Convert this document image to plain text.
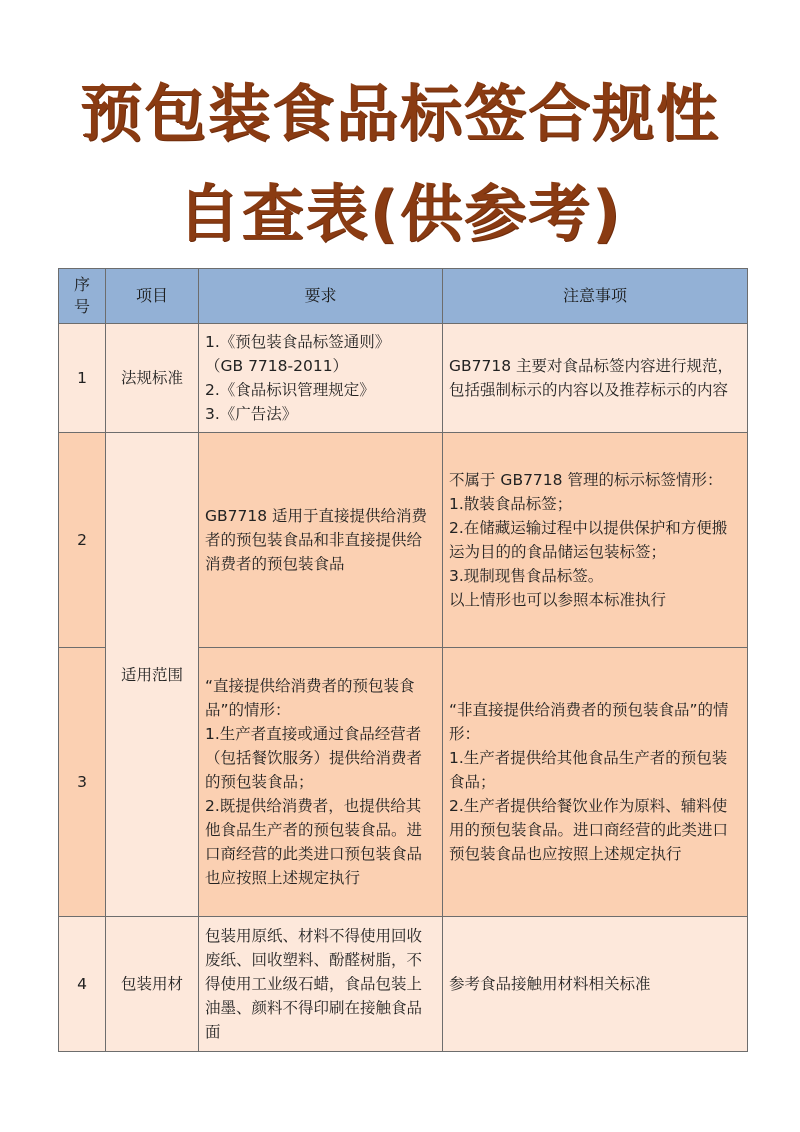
预包装食品标签合规性
自查表(供参考)
序
号	项目	要求	注意事项
1	法规标准	1.《预包装食品标签通则》
（GB 7718-2011）
2.《食品标识管理规定》
3.《广告法》	GB7718 主要对食品标签内容进行规范，包括强制标示的内容以及推荐标示的内容
2	适用范围	GB7718 适用于直接提供给消费者的预包装食品和非直接提供给消费者的预包装食品	不属于 GB7718 管理的标示标签情形：
1.散装食品标签；
2.在储藏运输过程中以提供保护和方便搬运为目的的食品储运包装标签；
3.现制现售食品标签。
以上情形也可以参照本标准执行
3		“直接提供给消费者的预包装食品”的情形：
1.生产者直接或通过食品经营者（包括餐饮服务）提供给消费者的预包装食品；
2.既提供给消费者，也提供给其他食品生产者的预包装食品。进口商经营的此类进口预包装食品也应按照上述规定执行	“非直接提供给消费者的预包装食品”的情形：
1.生产者提供给其他食品生产者的预包装食品；
2.生产者提供给餐饮业作为原料、辅料使用的预包装食品。进口商经营的此类进口预包装食品也应按照上述规定执行
4	包装用材	包装用原纸、材料不得使用回收废纸、回收塑料、酚醛树脂，不得使用工业级石蜡，食品包装上油墨、颜料不得印刷在接触食品面	参考食品接触用材料相关标准
